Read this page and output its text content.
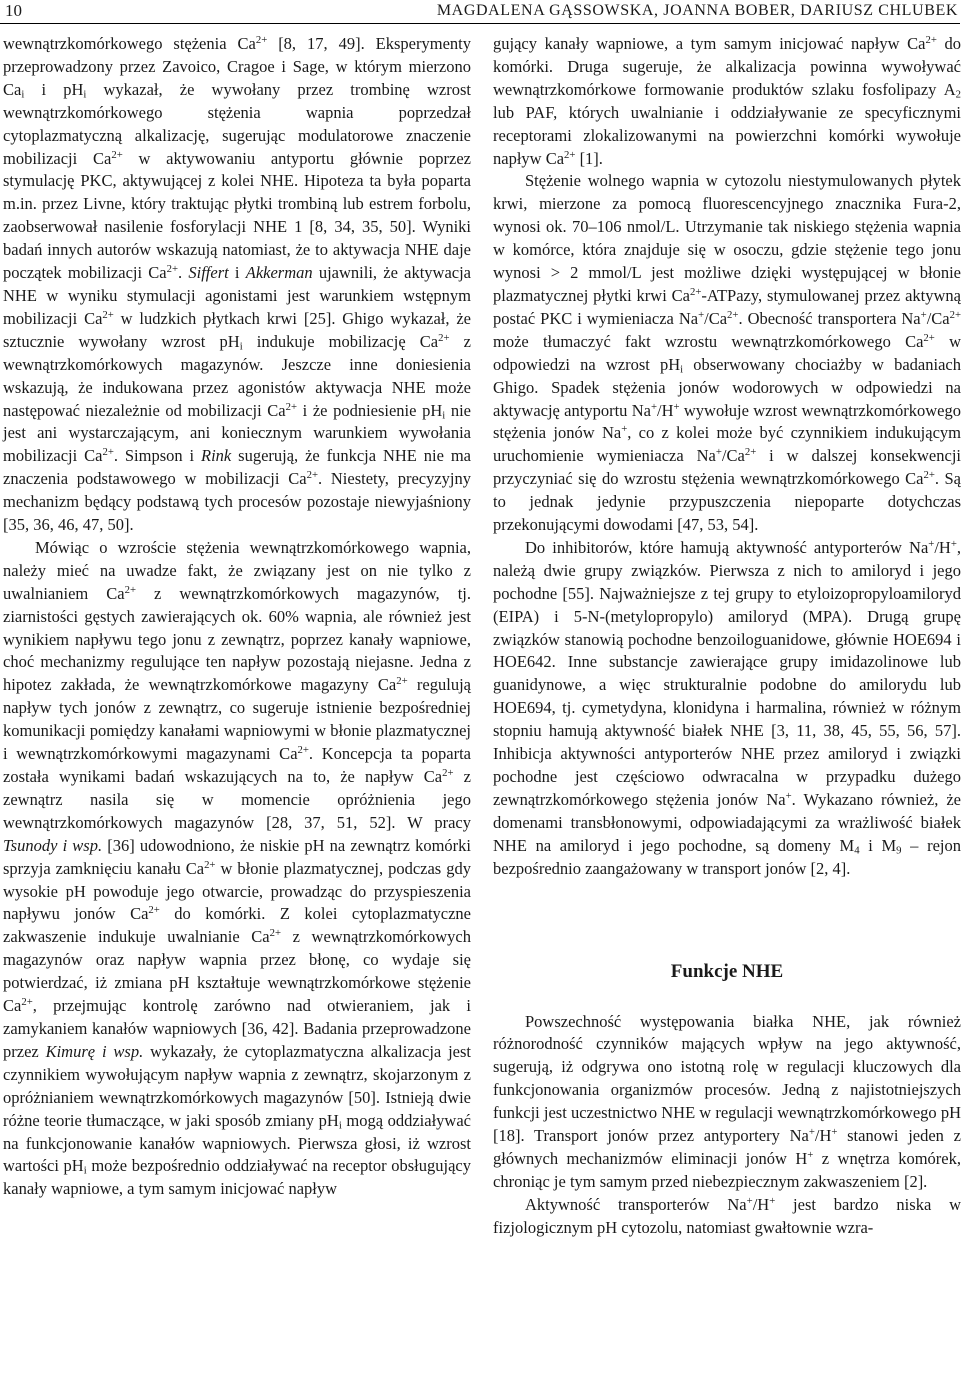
10	MAGDALENA GĄSSOWSKA, JOANNA BOBER, DARIUSZ CHLUBEK

wewnątrzkomórkowego stężenia $Ca^{2+}$ [8, 17, 49]. Eksperymenty przeprowadzony przez Zavoico, Cragoe i Sage, w którym mierzono $Ca_i$ i $pH_i$ wykazał, że wywołany przez trombinę wzrost wewnątrzkomórkowego stężenia wapnia poprzedzał cytoplazmatyczną alkalizację, sugerując modulatorowe znaczenie mobilizacji $Ca^{2+}$ w aktywowaniu antyportu głównie poprzez stymulację PKC, aktywującej z kolei NHE. Hipoteza ta była poparta m.in. przez Livne, który traktując płytki trombiną lub estrem forbolu, zaobserwował nasilenie fosforylacji NHE 1 [8, 34, 35, 50]. Wyniki badań innych autorów wskazują natomiast, że to aktywacja NHE daje początek mobilizacji $Ca^{2+}$. Siffert i Akkerman ujawnili, że aktywacja NHE w wyniku stymulacji agonistami jest warunkiem wstępnym mobilizacji $Ca^{2+}$ w ludzkich płytkach krwi [25]. Ghigo wykazał, że sztucznie wywołany wzrost $pH_i$ indukuje mobilizację $Ca^{2+}$ z wewnątrzkomórkowych magazynów. Jeszcze inne doniesienia wskazują, że indukowana przez agonistów aktywacja NHE może następować niezależnie od mobilizacji $Ca^{2+}$ i że podniesienie $pH_i$ nie jest ani wystarczającym, ani koniecznym warunkiem wywołania mobilizacji $Ca^{2+}$. Simpson i Rink sugerują, że funkcja NHE nie ma znaczenia podstawowego w mobilizacji $Ca^{2+}$. Niestety, precyzyjny mechanizm będący podstawą tych procesów pozostaje niewyjaśniony [35, 36, 46, 47, 50].

Mówiąc o wzroście stężenia wewnątrzkomórkowego wapnia, należy mieć na uwadze fakt, że związany jest on nie tylko z uwalnianiem $Ca^{2+}$ z wewnątrzkomórkowych magazynów, tj. ziarnistości gęstych zawierających ok. 60% wapnia, ale również jest wynikiem napływu tego jonu z zewnątrz, poprzez kanały wapniowe, choć mechanizmy regulujące ten napływ pozostają niejasne. Jedna z hipotez zakłada, że wewnątrzkomórkowe magazyny $Ca^{2+}$ regulują napływ tych jonów z zewnątrz, co sugeruje istnienie bezpośredniej komunikacji pomiędzy kanałami wapniowymi w błonie plazmatycznej i wewnątrzkomórkowymi magazynami $Ca^{2+}$. Koncepcja ta poparta została wynikami badań wskazujących na to, że napływ $Ca^{2+}$ z zewnątrz nasila się w momencie opróżnienia jego wewnątrzkomórkowych magazynów [28, 37, 51, 52]. W pracy Tsunody i wsp. [36] udowodniono, że niskie pH na zewnątrz komórki sprzyja zamknięciu kanału $Ca^{2+}$ w błonie plazmatycznej, podczas gdy wysokie pH powoduje jego otwarcie, prowadząc do przyspieszenia napływu jonów $Ca^{2+}$ do komórki. Z kolei cytoplazmatyczne zakwaszenie indukuje uwalnianie $Ca^{2+}$ z wewnątrzkomórkowych magazynów oraz napływ wapnia przez błonę, co wydaje się potwierdzać, iż zmiana pH kształtuje wewnątrzkomórkowe stężenie $Ca^{2+}$, przejmując kontrolę zarówno nad otwieraniem, jak i zamykaniem kanałów wapniowych [36, 42]. Badania przeprowadzone przez Kimurę i wsp. wykazały, że cytoplazmatyczna alkalizacja jest czynnikiem wywołującym napływ wapnia z zewnątrz, skojarzonym z opróżnianiem wewnątrzkomórkowych magazynów [50]. Istnieją dwie różne teorie tłumaczące, w jaki sposób zmiany $pH_i$ mogą oddziaływać na funkcjonowanie kanałów wapniowych. Pierwsza głosi, iż wzrost wartości $pH_i$ może bezpośrednio oddziaływać na receptor obsługujący kanały wapniowe, a tym samym inicjować napływ

gujący kanały wapniowe, a tym samym inicjować napływ $Ca^{2+}$ do komórki. Druga sugeruje, że alkalizacja powinna wywoływać wewnątrzkomórkowe formowanie produktów szlaku fosfolipazy $A_2$ lub PAF, których uwalnianie i oddziaływanie ze specyficznymi receptorami zlokalizowanymi na powierzchni komórki wywołuje napływ $Ca^{2+}$ [1].

Stężenie wolnego wapnia w cytozolu niestymulowanych płytek krwi, mierzone za pomocą fluorescencyjnego znacznika Fura-2, wynosi ok. 70–106 nmol/L. Utrzymanie tak niskiego stężenia wapnia w komórce, która znajduje się w osoczu, gdzie stężenie tego jonu wynosi > 2 mmol/L jest możliwe dzięki występującej w błonie plazmatycznej płytki krwi $Ca^{2+}$-ATPazy, stymulowanej przez aktywną postać PKC i wymieniacza $Na^+/Ca^{2+}$. Obecność transportera $Na^+/Ca^{2+}$ może tłumaczyć fakt wzrostu wewnątrzkomórkowego $Ca^{2+}$ w odpowiedzi na wzrost $pH_i$ obserwowany chociażby w badaniach Ghigo. Spadek stężenia jonów wodorowych w odpowiedzi na aktywację antyportu Na+/H+ wywołuje wzrost wewnątrzkomórkowego stężenia jonów Na+, co z kolei może być czynnikiem indukującym uruchomienie wymieniacza $Na^+/Ca^{2+}$ i w dalszej konsekwencji przyczyniać się do wzrostu stężenia wewnątrzkomórkowego $Ca^{2+}$. Są to jednak jedynie przypuszczenia niepoparte dotychczas przekonującymi dowodami [47, 53, 54].

Do inhibitorów, które hamują aktywność antyporterów Na+/H+, należą dwie grupy związków. Pierwsza z nich to amiloryd i jego pochodne [55]. Najważniejsze z tej grupy to etyloizopropyloamiloryd (EIPA) i 5-N-(metylopropylo) amiloryd (MPA). Drugą grupę związków stanowią pochodne benzoiloguanidowe, głównie HOE694 i HOE642. Inne substancje zawierające grupy imidazolinowe lub guanidynowe, a więc strukturalnie podobne do amilorydu lub HOE694, tj. cymetydyna, klonidyna i harmalina, również w różnym stopniu hamują aktywność białek NHE [3, 11, 38, 45, 55, 56, 57]. Inhibicja aktywności antyporterów NHE przez amiloryd i związki pochodne jest częściowo odwracalna w przypadku dużego zewnątrzkomórkowego stężenia jonów Na+. Wykazano również, że domenami transbłonowymi, odpowiadającymi za wrażliwość białek NHE na amiloryd i jego pochodne, są domeny $M_4$ i $M_9$ – rejon bezpośrednio zaangażowany w transport jonów [2, 4].

Funkcje NHE

Powszechność występowania białka NHE, jak również różnorodność czynników mających wpływ na jego aktywność, sugerują, iż odgrywa ono istotną rolę w regulacji kluczowych dla funkcjonowania organizmów procesów. Jedną z najistotniejszych funkcji jest uczestnictwo NHE w regulacji wewnątrzkomórkowego pH [18]. Transport jonów przez antyportery Na+/H+ stanowi jeden z głównych mechanizmów eliminacji jonów H+ z wnętrza komórek, chroniąc je tym samym przed niebezpiecznym zakwaszeniem [2].

Aktywność transporterów Na+/H+ jest bardzo niska w fizjologicznym pH cytozolu, natomiast gwałtownie wzra-
